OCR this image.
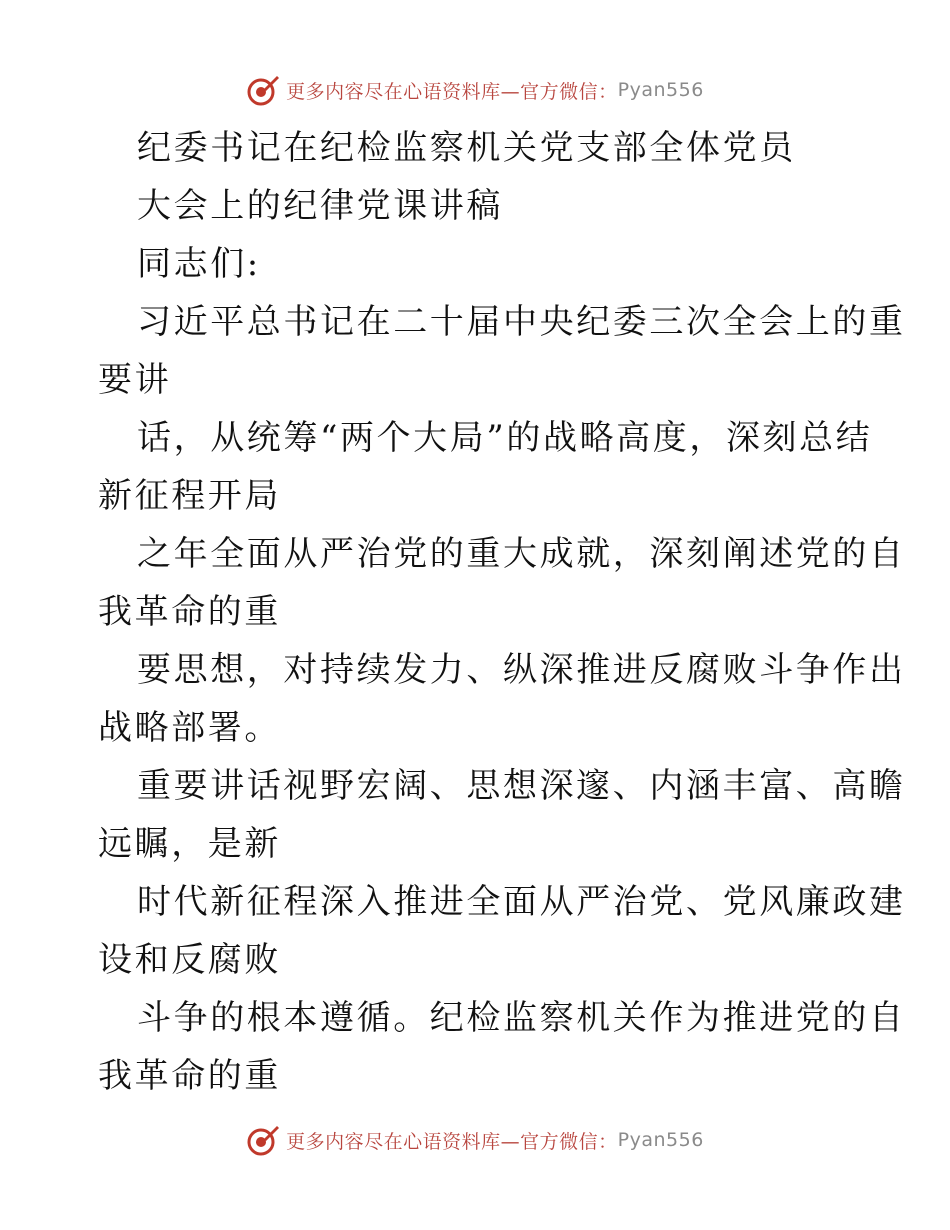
更多内容尽在心语资料库—官方微信： Pyan556
纪委书记在纪检监察机关党支部全体党员
大会上的纪律党课讲稿
同志们:
习近平总书记在二十届中央纪委三次全会上的重
要讲
话，从统筹“两个大局”的战略高度，深刻总结
新征程开局
之年全面从严治党的重大成就，深刻阐述党的自
我革命的重
要思想，对持续发力、纵深推进反腐败斗争作出
战略部署。
重要讲话视野宏阔、思想深邃、内涵丰富、高瞻
远瞩，是新
时代新征程深入推进全面从严治党、党风廉政建
设和反腐败
斗争的根本遵循。纪检监察机关作为推进党的自
我革命的重
更多内容尽在心语资料库—官方微信： Pyan556
